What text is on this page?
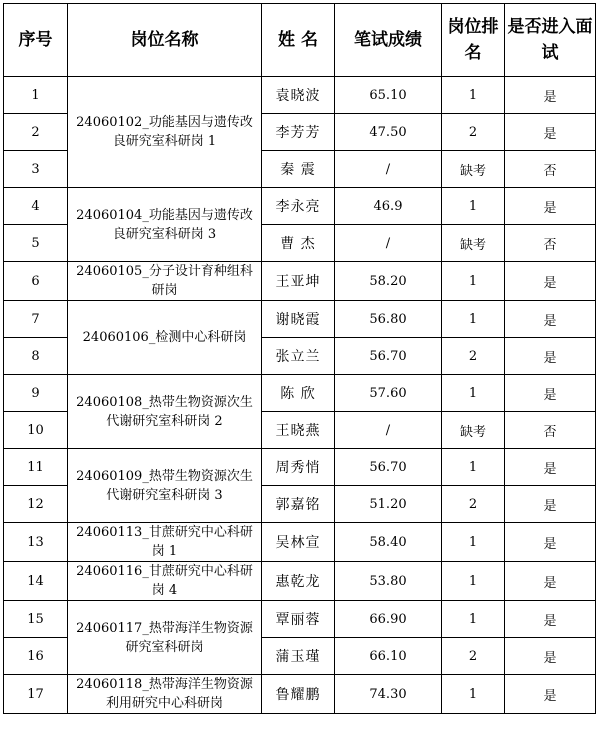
序号	岗位名称	姓 名	笔试成绩	岗位排名	是否进入面试
1	24060102_功能基因与遗传改良研究室科研岗 1	袁晓波	65.10	1	是
2		李芳芳	47.50	2	是
3		秦 震	/	缺考	否
4	24060104_功能基因与遗传改良研究室科研岗 3	李永亮	46.9	1	是
5		曹 杰	/	缺考	否
6	24060105_分子设计育种组科研岗	王亚坤	58.20	1	是
7	24060106_检测中心科研岗	谢晓霞	56.80	1	是
8		张立兰	56.70	2	是
9	24060108_热带生物资源次生代谢研究室科研岗 2	陈 欣	57.60	1	是
10		王晓燕	/	缺考	否
11	24060109_热带生物资源次生代谢研究室科研岗 3	周秀悄	56.70	1	是
12		郭嘉铭	51.20	2	是
13	24060113_甘蔗研究中心科研岗 1	吴林宣	58.40	1	是
14	24060116_甘蔗研究中心科研岗 4	惠乾龙	53.80	1	是
15	24060117_热带海洋生物资源研究室科研岗	覃丽蓉	66.90	1	是
16		蒲玉瑾	66.10	2	是
17	24060118_热带海洋生物资源利用研究中心科研岗	鲁耀鹏	74.30	1	是
